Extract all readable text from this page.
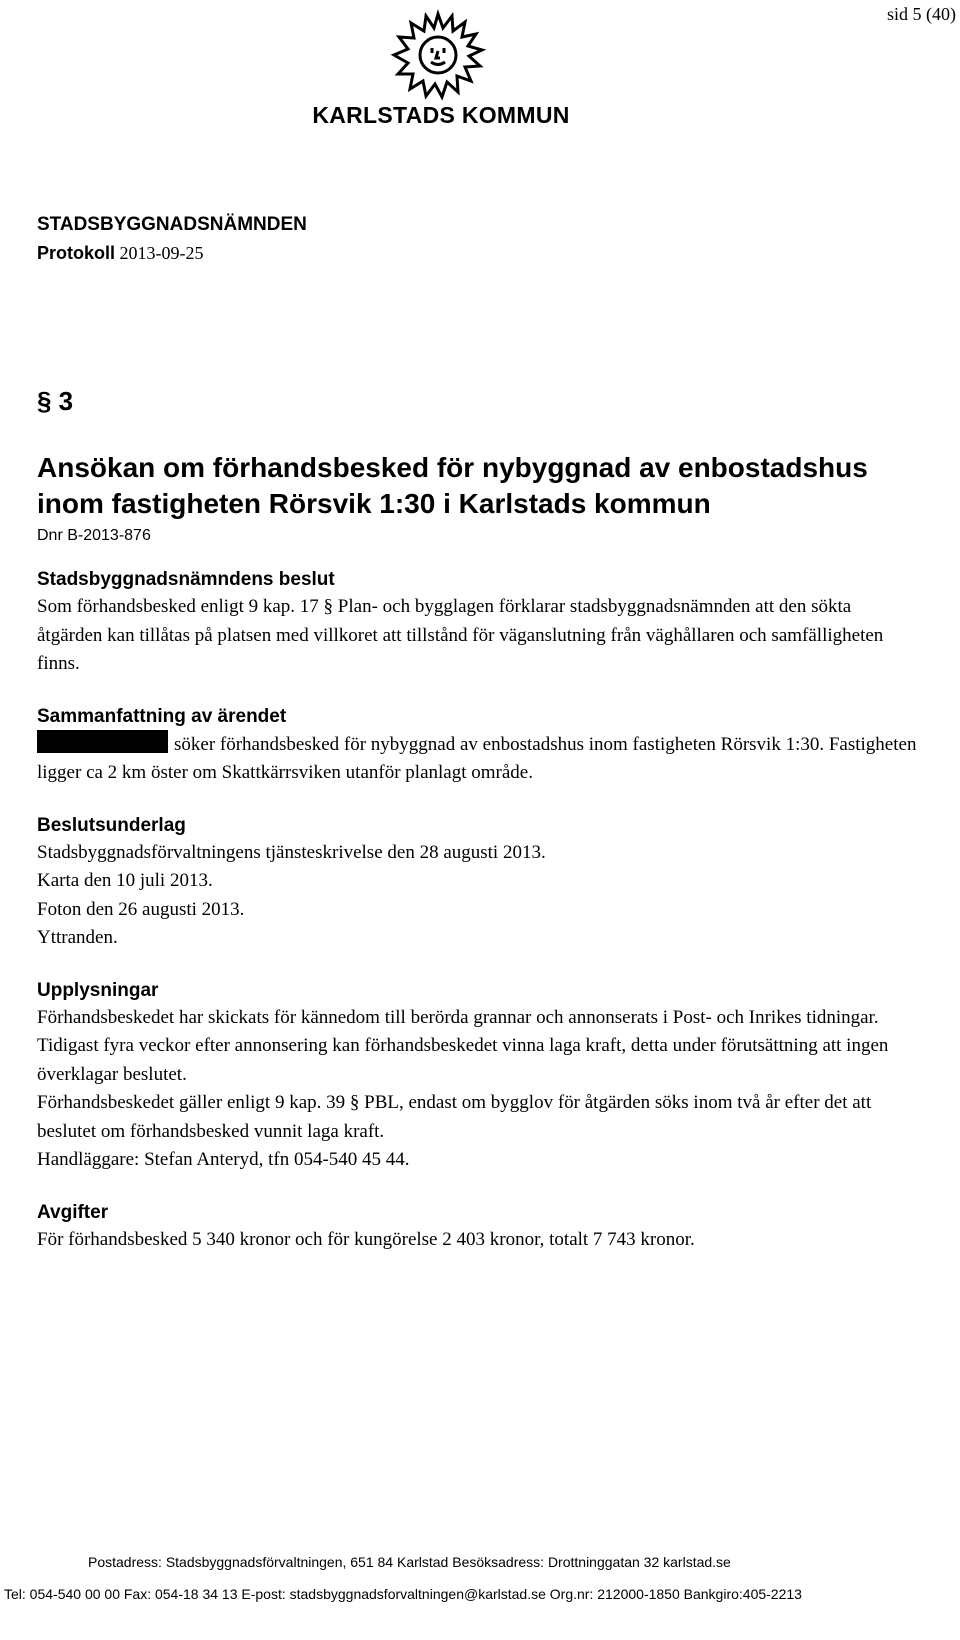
sid 5 (40)
KARLSTADS KOMMUN
STADSBYGGNADSNÄMNDEN
Protokoll 2013-09-25
§ 3
Ansökan om förhandsbesked för nybyggnad av enbostadshus inom fastigheten Rörsvik 1:30 i Karlstads kommun
Dnr B-2013-876
Stadsbyggnadsnämndens beslut
Som förhandsbesked enligt 9 kap. 17 § Plan- och bygglagen förklarar stadsbyggnadsnämnden att den sökta åtgärden kan tillåtas på platsen med villkoret att tillstånd för väganslutning från väghållaren och samfälligheten finns.
Sammanfattning av ärendet
söker förhandsbesked för nybyggnad av enbostadshus inom fastigheten Rörsvik 1:30. Fastigheten ligger ca 2 km öster om Skattkärrsviken utanför planlagt område.
Beslutsunderlag
Stadsbyggnadsförvaltningens tjänsteskrivelse den 28 augusti 2013.
Karta den 10 juli 2013.
Foton den 26 augusti 2013.
Yttranden.
Upplysningar
Förhandsbeskedet har skickats för kännedom till berörda grannar och annonserats i Post- och Inrikes tidningar. Tidigast fyra veckor efter annonsering kan förhandsbeskedet vinna laga kraft, detta under förutsättning att ingen överklagar beslutet.
Förhandsbeskedet gäller enligt 9 kap. 39 § PBL, endast om bygglov för åtgärden söks inom två år efter det att beslutet om förhandsbesked vunnit laga kraft.
Handläggare: Stefan Anteryd, tfn 054-540 45 44.
Avgifter
För förhandsbesked 5 340 kronor och för kungörelse 2 403 kronor, totalt 7 743 kronor.
Postadress: Stadsbyggnadsförvaltningen, 651 84 Karlstad Besöksadress: Drottninggatan 32 karlstad.se
Tel: 054-540 00 00 Fax: 054-18 34 13 E-post: stadsbyggnadsforvaltningen@karlstad.se Org.nr: 212000-1850 Bankgiro:405-2213
